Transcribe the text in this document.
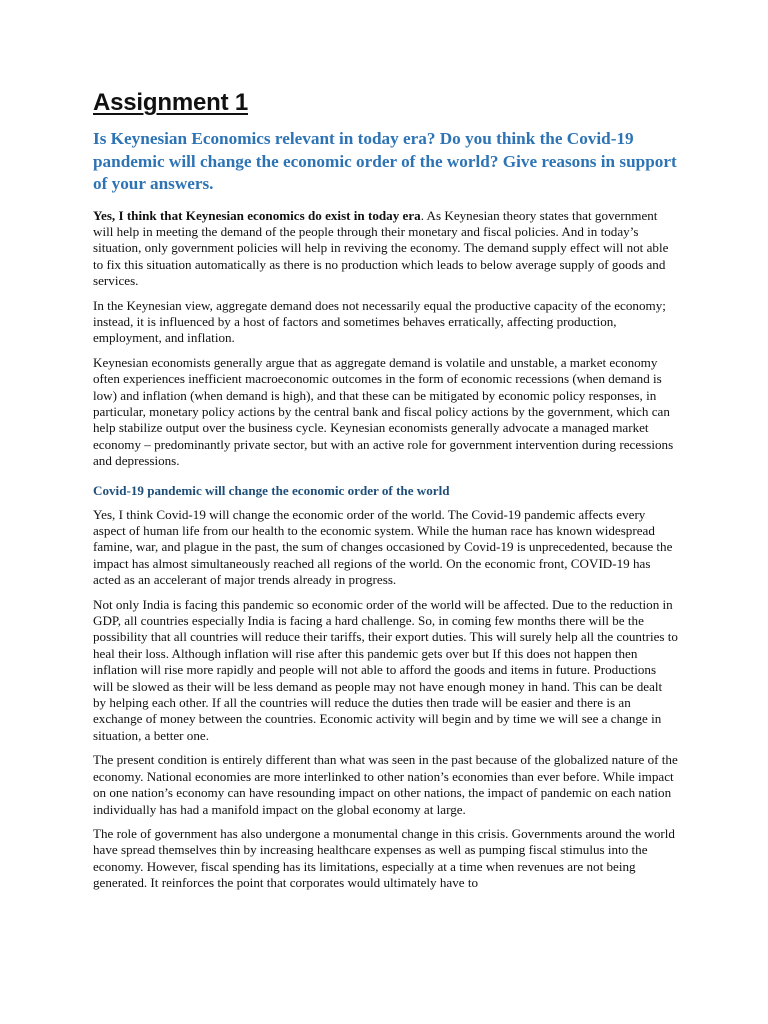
Assignment 1
Is Keynesian Economics relevant in today era? Do you think the Covid-19 pandemic will change the economic order of the world? Give reasons in support of your answers.

Yes, I think that Keynesian economics do exist in today era. As Keynesian theory states that government will help in meeting the demand of the people through their monetary and fiscal policies. And in today’s situation, only government policies will help in reviving the economy. The demand supply effect will not able to fix this situation automatically as there is no production which leads to below average supply of goods and services.

In the Keynesian view, aggregate demand does not necessarily equal the productive capacity of the economy; instead, it is influenced by a host of factors and sometimes behaves erratically, affecting production, employment, and inflation.

Keynesian economists generally argue that as aggregate demand is volatile and unstable, a market economy often experiences inefficient macroeconomic outcomes in the form of economic recessions (when demand is low) and inflation (when demand is high), and that these can be mitigated by economic policy responses, in particular, monetary policy actions by the central bank and fiscal policy actions by the government, which can help stabilize output over the business cycle. Keynesian economists generally advocate a managed market economy – predominantly private sector, but with an active role for government intervention during recessions and depressions.

Covid-19 pandemic will change the economic order of the world

Yes, I think Covid-19 will change the economic order of the world. The Covid-19 pandemic affects every aspect of human life from our health to the economic system. While the human race has known widespread famine, war, and plague in the past, the sum of changes occasioned by Covid-19 is unprecedented, because the impact has almost simultaneously reached all regions of the world. On the economic front, COVID-19 has acted as an accelerant of major trends already in progress.

Not only India is facing this pandemic so economic order of the world will be affected. Due to the reduction in GDP, all countries especially India is facing a hard challenge. So, in coming few months there will be the possibility that all countries will reduce their tariffs, their export duties. This will surely help all the countries to heal their loss. Although inflation will rise after this pandemic gets over but If this does not happen then inflation will rise more rapidly and people will not able to afford the goods and items in future. Productions will be slowed as their will be less demand as people may not have enough money in hand. This can be dealt by helping each other. If all the countries will reduce the duties then trade will be easier and there is an exchange of money between the countries. Economic activity will begin and by time we will see a change in situation, a better one.

The present condition is entirely different than what was seen in the past because of the globalized nature of the economy. National economies are more interlinked to other nation’s economies than ever before. While impact on one nation’s economy can have resounding impact on other nations, the impact of pandemic on each nation individually has had a manifold impact on the global economy at large.

The role of government has also undergone a monumental change in this crisis. Governments around the world have spread themselves thin by increasing healthcare expenses as well as pumping fiscal stimulus into the economy. However, fiscal spending has its limitations, especially at a time when revenues are not being generated. It reinforces the point that corporates would ultimately have to
